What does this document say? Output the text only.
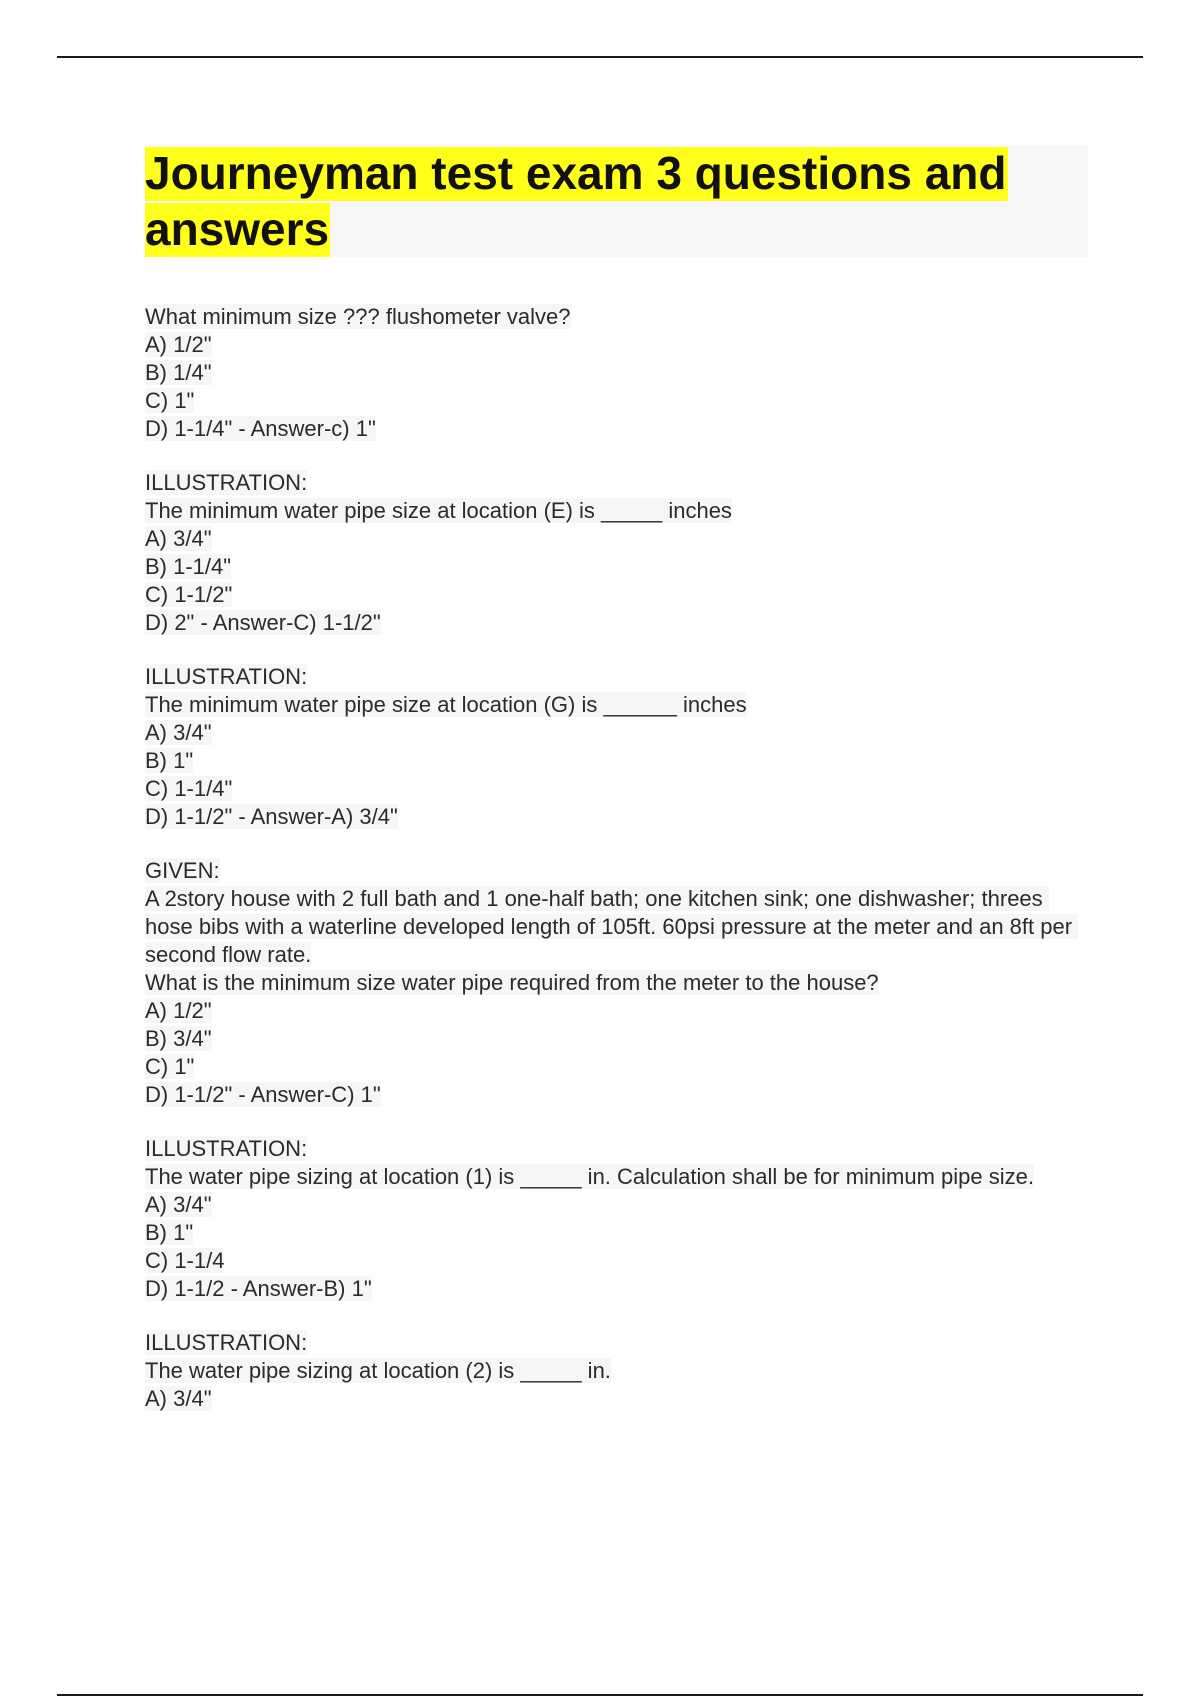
Journeyman test exam 3 questions and answers
What minimum size ??? flushometer valve?
A) 1/2"
B) 1/4"
C) 1"
D) 1-1/4" - Answer-c) 1"
ILLUSTRATION:
The minimum water pipe size at location (E) is _____ inches
A) 3/4"
B) 1-1/4"
C) 1-1/2"
D) 2" - Answer-C) 1-1/2"
ILLUSTRATION:
The minimum water pipe size at location (G) is ______ inches
A) 3/4"
B) 1"
C) 1-1/4"
D) 1-1/2" - Answer-A) 3/4"
GIVEN:
A 2story house with 2 full bath and 1 one-half bath; one kitchen sink; one dishwasher; threes hose bibs with a waterline developed length of 105ft. 60psi pressure at the meter and an 8ft per second flow rate.
What is the minimum size water pipe required from the meter to the house?
A) 1/2"
B) 3/4"
C) 1"
D) 1-1/2" - Answer-C) 1"
ILLUSTRATION:
The water pipe sizing at location (1) is _____ in. Calculation shall be for minimum pipe size.
A) 3/4"
B) 1"
C) 1-1/4
D) 1-1/2 - Answer-B) 1"
ILLUSTRATION:
The water pipe sizing at location (2) is _____ in.
A) 3/4"
